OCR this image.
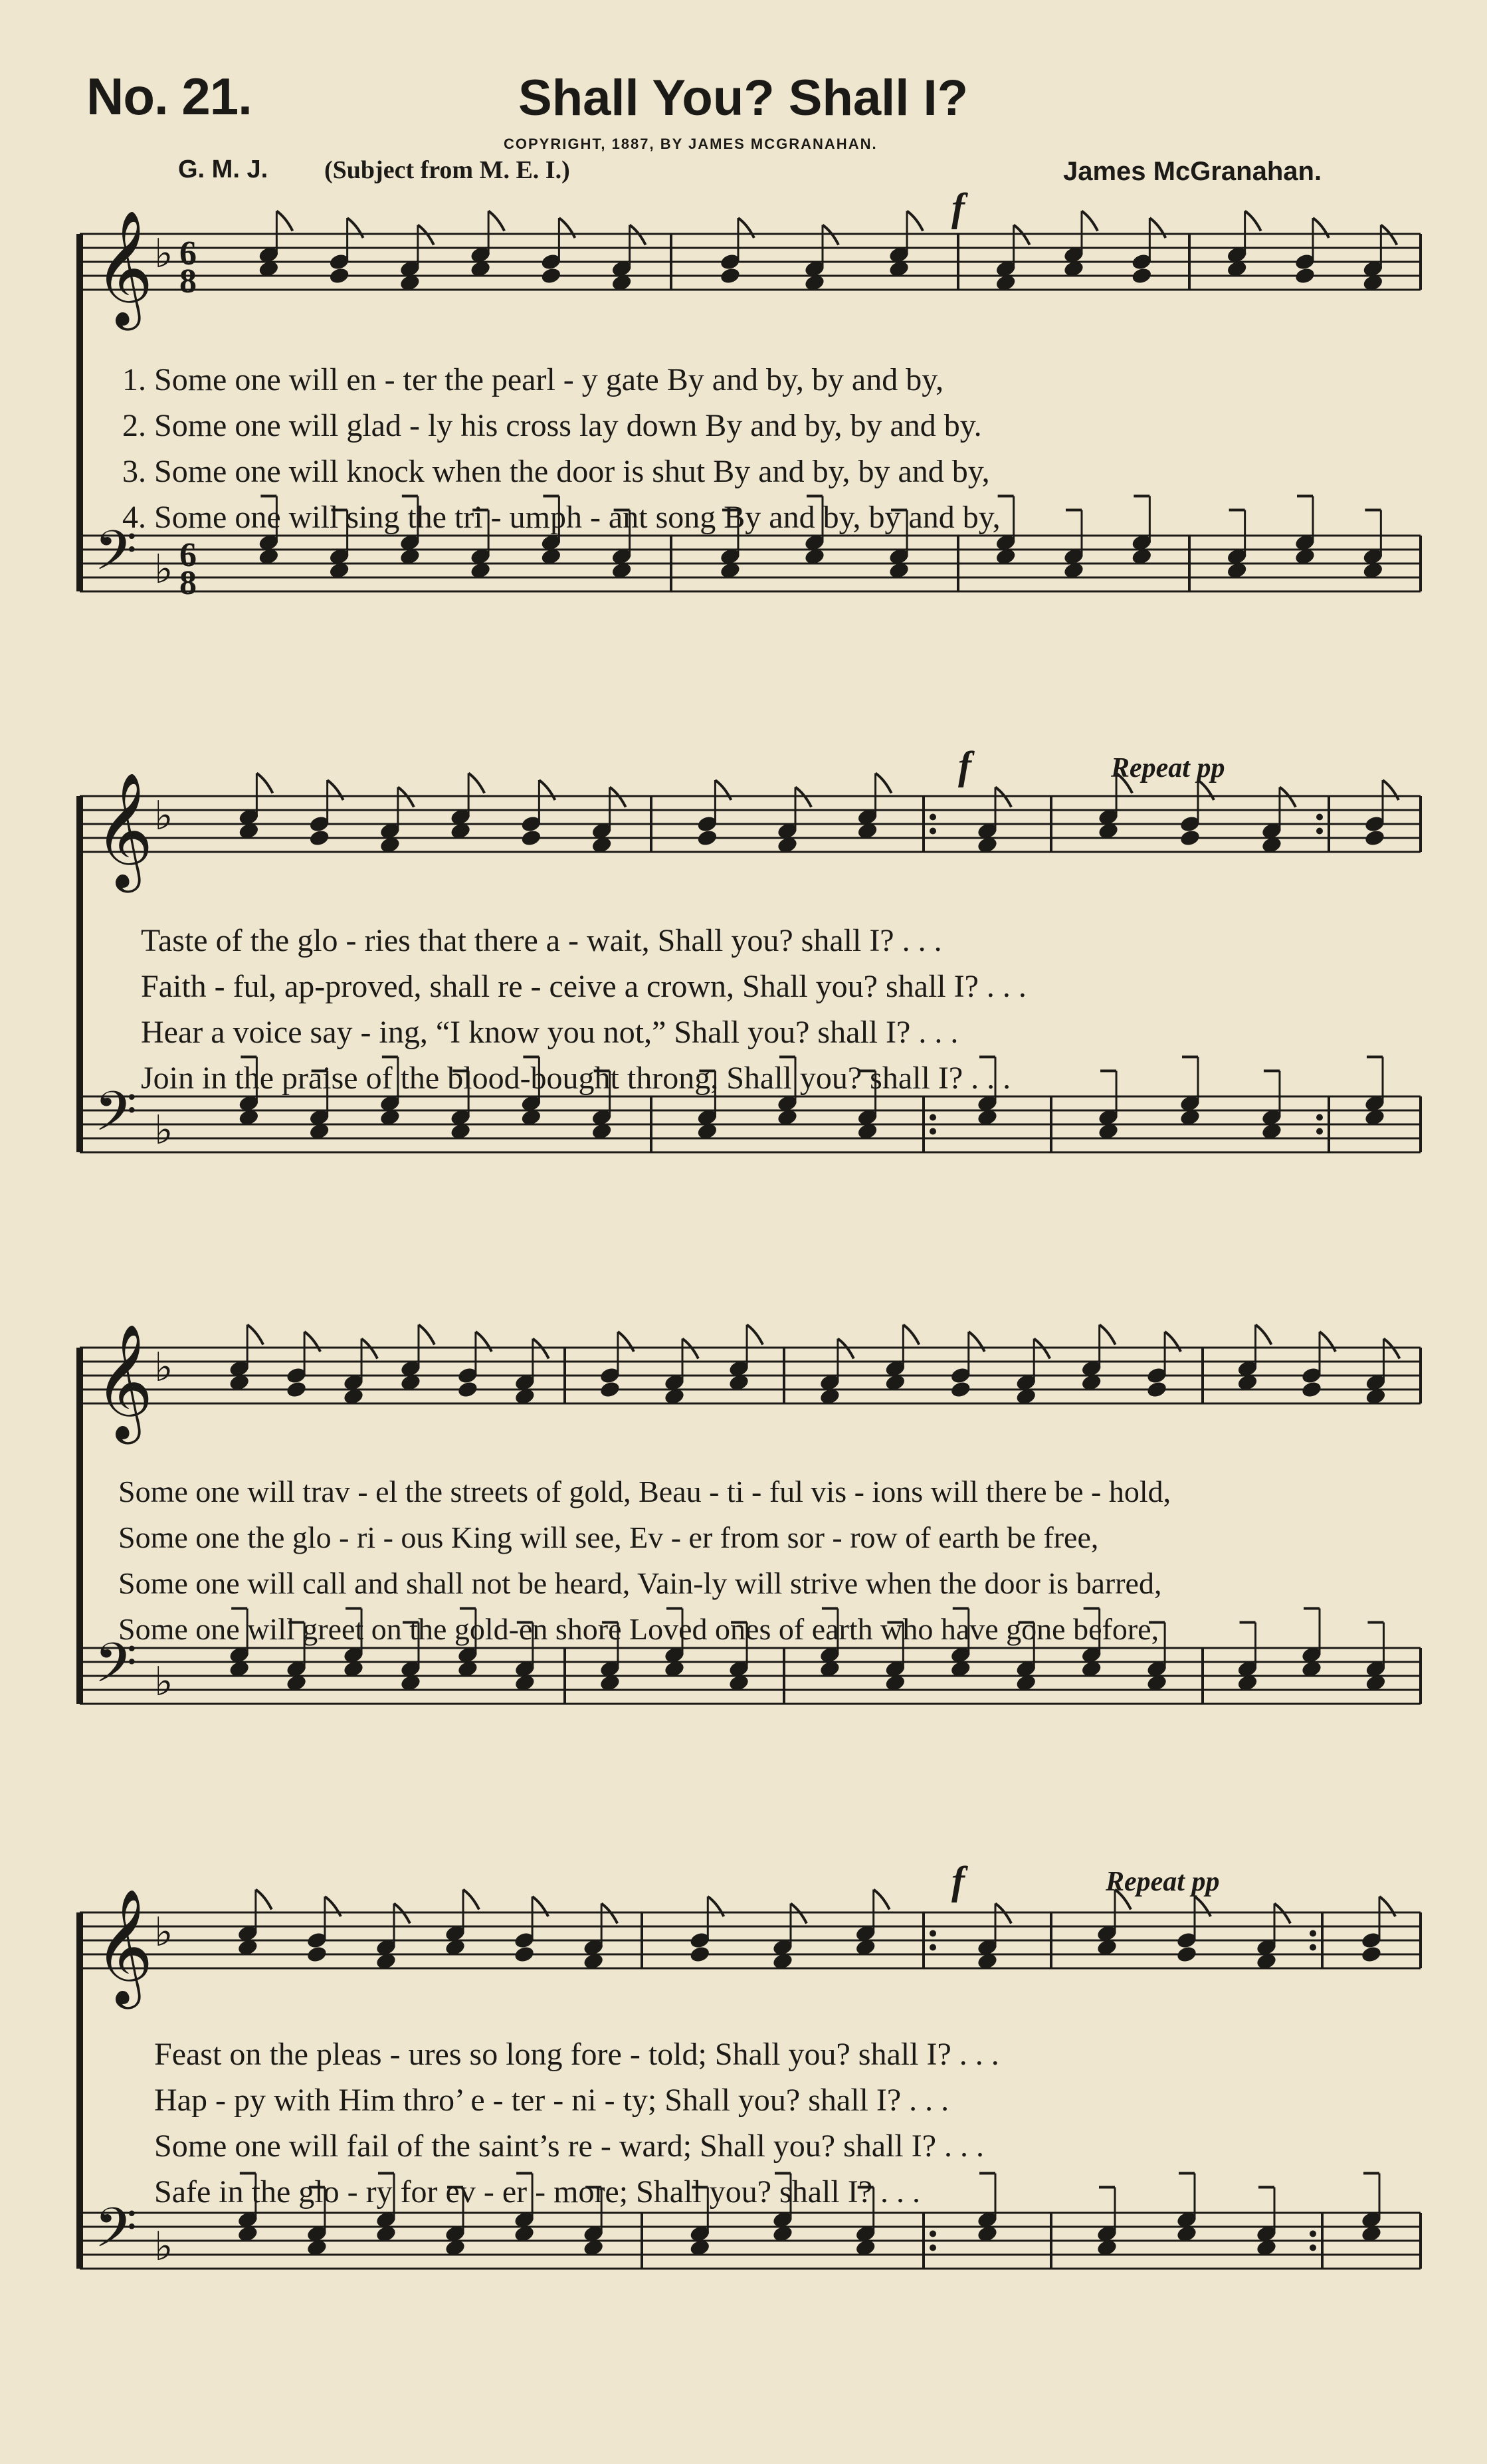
No. 21.	Shall You? Shall I?
COPYRIGHT, 1887, BY JAMES MCGRANAHAN.
G. M. J. (Subject from M. E. I.)	James McGranahan.
𝄞 ♭ 6
8
𝄢 ♭ 6
8
𝄞 ♭
𝄢 ♭
𝄞 ♭
𝄢 ♭
𝄞 ♭
𝄢 ♭
f
f	Repeat pp
f	Repeat pp
1. Some one will en - ter the pearl - y gate By and by, by and by,
2. Some one will glad - ly his cross lay down By and by, by and by.
3. Some one will knock when the door is shut By and by, by and by,
4. Some one will sing the tri - umph - ant song By and by, by and by,
Taste of the glo - ries that there a - wait, Shall you? shall I? . . .
Faith - ful, ap-proved, shall re - ceive a crown, Shall you? shall I? . . .
Hear a voice say - ing, “I know you not,” Shall you? shall I? . . .
Join in the praise of the blood-bought throng, Shall you? shall I? . . .
Some one will trav - el the streets of gold, Beau - ti - ful vis - ions will there be - hold,
Some one the glo - ri - ous King will see, Ev - er from sor - row of earth be free,
Some one will call and shall not be heard, Vain-ly will strive when the door is barred,
Some one will greet on the gold-en shore Loved ones of earth who have gone before,
Feast on the pleas - ures so long fore - told; Shall you? shall I? . . .
Hap - py with Him thro’ e - ter - ni - ty; Shall you? shall I? . . .
Some one will fail of the saint’s re - ward; Shall you? shall I? . . .
Safe in the glo - ry for ev - er - more; Shall you? shall I? . . .
